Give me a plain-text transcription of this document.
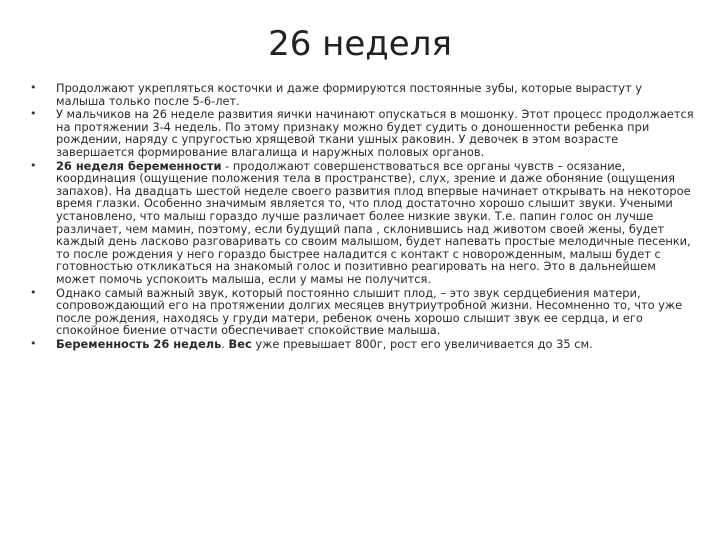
26 неделя
• Продолжают укрепляться косточки и даже формируются постоянные зубы, которые вырастут у малыша только после 5-6-лет.
• У мальчиков на 26 неделе развития яички начинают опускаться в мошонку. Этот процесс продолжается на протяжении 3-4 недель. По этому признаку можно будет судить о доношенности ребенка при рождении, наряду с упругостью хрящевой ткани ушных раковин. У девочек в этом возрасте завершается формирование влагалища и наружных половых органов.
• 26 неделя беременности - продолжают совершенствоваться все органы чувств – осязание, координация (ощущение положения тела в пространстве), слух, зрение и даже обоняние (ощущения запахов). На двадцать шестой неделе своего развития плод впервые начинает открывать на некоторое время глазки. Особенно значимым является то, что плод достаточно хорошо слышит звуки. Учеными установлено, что малыш гораздо лучше различает более низкие звуки. Т.е. папин голос он лучше различает, чем мамин, поэтому, если будущий папа , склонившись над животом своей жены, будет каждый день ласково разговаривать со своим малышом, будет напевать простые мелодичные песенки, то после рождения у него гораздо быстрее наладится с контакт с новорожденным, малыш будет с готовностью откликаться на знакомый голос и позитивно реагировать на него. Это в дальнейшем может помочь успокоить малыша, если у мамы не получится.
• Однако самый важный звук, который постоянно слышит плод, – это звук сердцебиения матери, сопровождающий его на протяжении долгих месяцев внутриутробной жизни. Несомненно то, что уже после рождения, находясь у груди матери, ребенок очень хорошо слышит звук ее сердца, и его спокойное биение отчасти обеспечивает спокойствие малыша.
• Беременность 26 недель. Вес уже превышает 800г, рост его увеличивается до 35 см.
